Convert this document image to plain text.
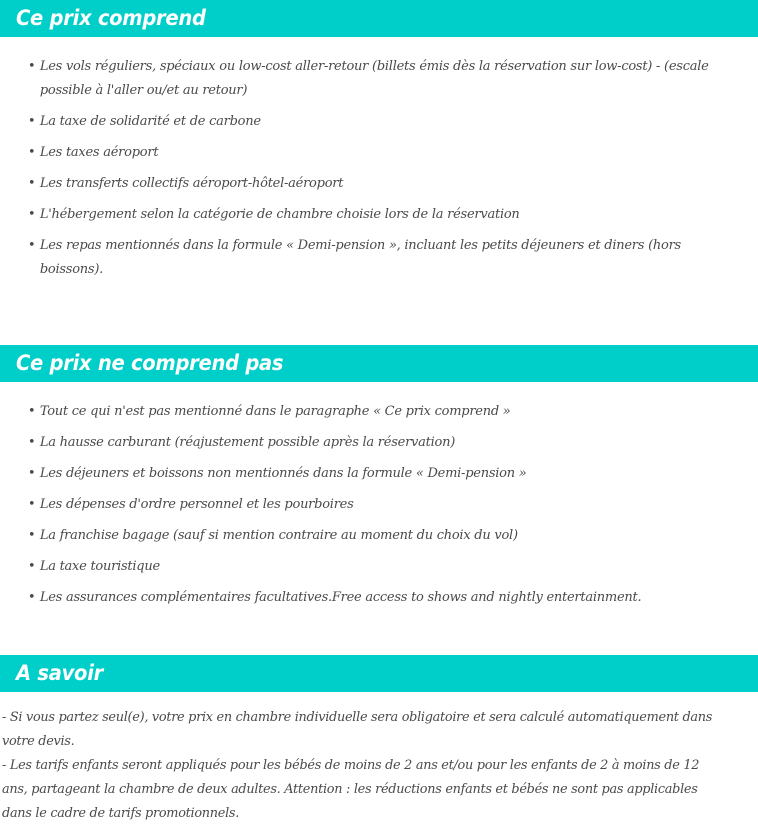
Ce prix comprend
• Les vols réguliers, spéciaux ou low-cost aller-retour (billets émis dès la réservation sur low-cost) - (escale possible à l'aller ou/et au retour)
• La taxe de solidarité et de carbone
• Les taxes aéroport
• Les transferts collectifs aéroport-hôtel-aéroport
• L'hébergement selon la catégorie de chambre choisie lors de la réservation
• Les repas mentionnés dans la formule « Demi-pension », incluant les petits déjeuners et diners (hors boissons).
Ce prix ne comprend pas
• Tout ce qui n'est pas mentionné dans le paragraphe « Ce prix comprend »
• La hausse carburant (réajustement possible après la réservation)
• Les déjeuners et boissons non mentionnés dans la formule « Demi-pension »
• Les dépenses d'ordre personnel et les pourboires
• La franchise bagage (sauf si mention contraire au moment du choix du vol)
• La taxe touristique
• Les assurances complémentaires facultatives.Free access to shows and nightly entertainment.
A savoir

- Si vous partez seul(e), votre prix en chambre individuelle sera obligatoire et sera calculé automatiquement dans votre devis.

- Les tarifs enfants seront appliqués pour les bébés de moins de 2 ans et/ou pour les enfants de 2 à moins de 12 ans, partageant la chambre de deux adultes. Attention : les réductions enfants et bébés ne sont pas applicables dans le cadre de tarifs promotionnels.
